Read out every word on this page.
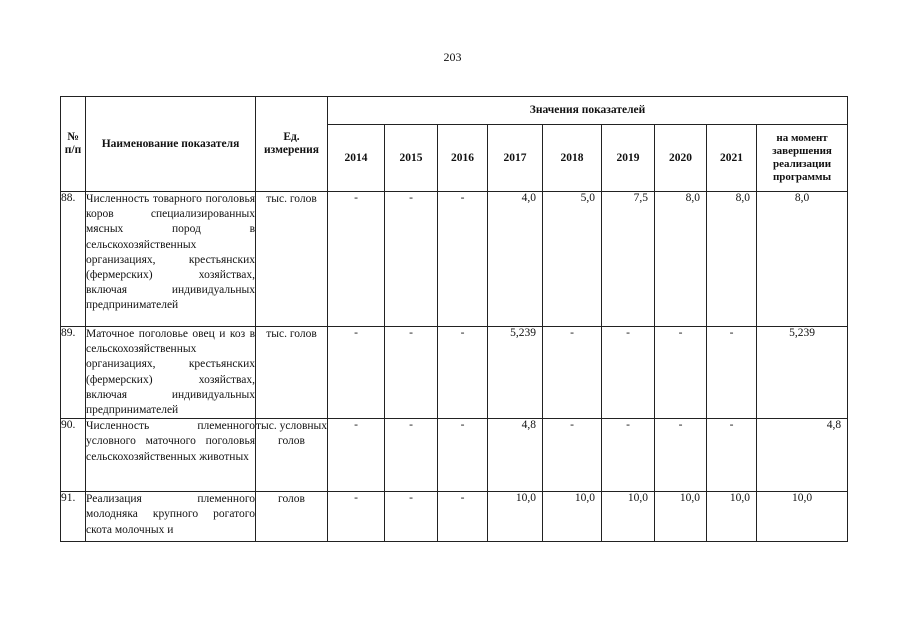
203
№ п/п	Наименование показателя	Ед. измерения	Значения показателей								
			2014	2015	2016	2017	2018	2019	2020	2021	на момент завершения реализации программы
88.	Численность товарного поголовья коров специализированных мясных пород в сельскохозяйственных организациях, крестьянских (фермерских) хозяйствах, включая индивидуальных предпринимателей	тыс. голов	-	-	-	4,0	5,0	7,5	8,0	8,0	8,0
89.	Маточное поголовье овец и коз в сельскохозяйственных организациях, крестьянских (фермерских) хозяйствах, включая индивидуальных предпринимателей	тыс. голов	-	-	-	5,239	-	-	-	-	5,239
90.	Численность племенного условного маточного поголовья сельскохозяйственных животных	тыс. условных голов	-	-	-	4,8	-	-	-	-	4,8
91.	Реализация племенного молодняка крупного рогатого скота молочных и	голов	-	-	-	10,0	10,0	10,0	10,0	10,0	10,0
